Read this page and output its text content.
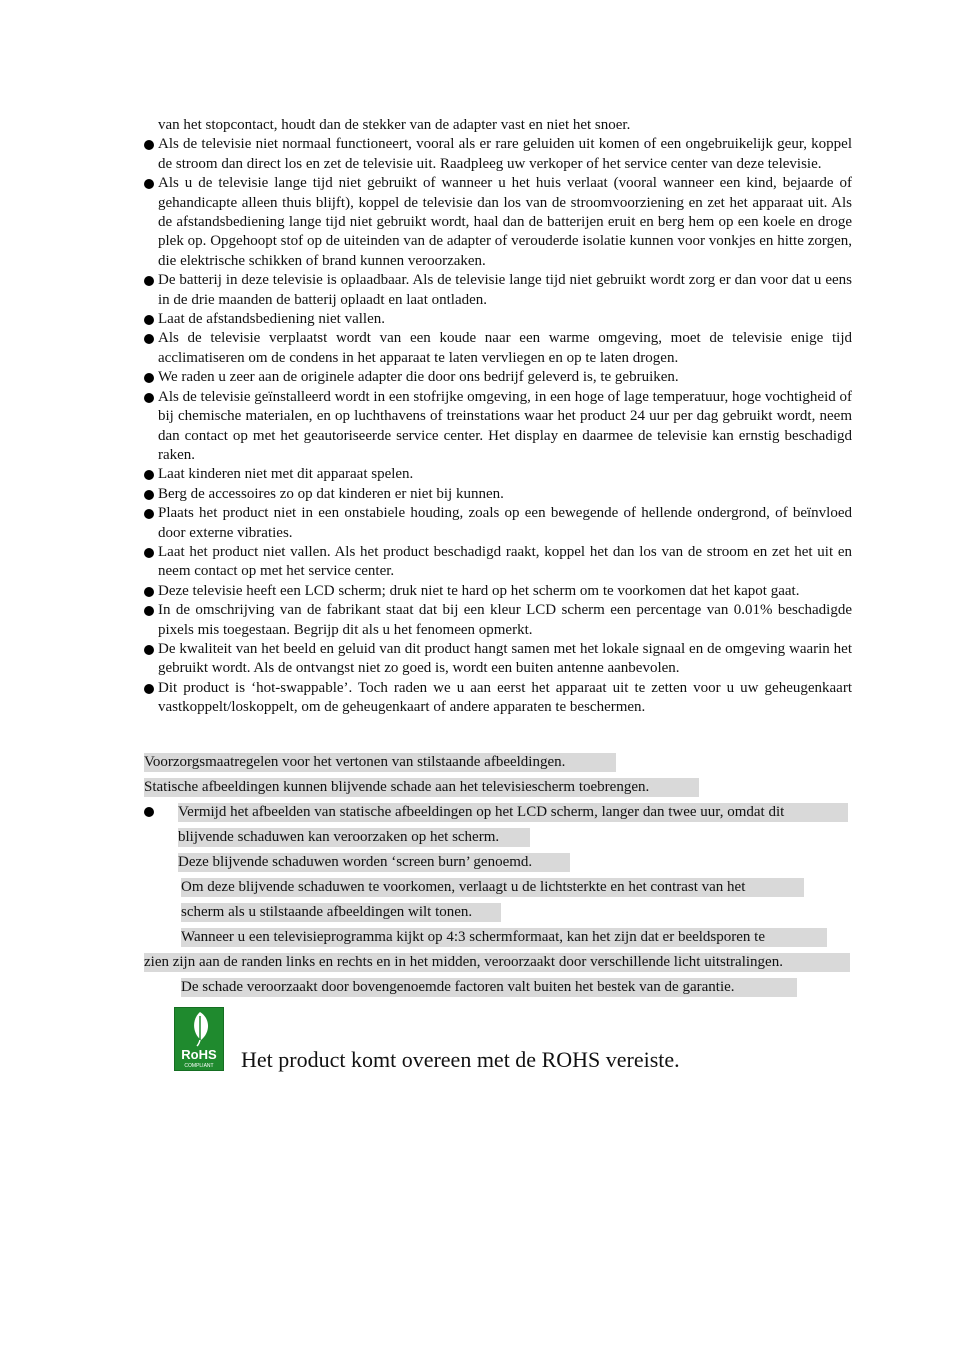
van het stopcontact, houdt dan de stekker van de adapter vast en niet het snoer.
Als de televisie niet normaal functioneert, vooral als er rare geluiden uit komen of een ongebruikelijk geur, koppel de stroom dan direct los en zet de televisie uit. Raadpleeg uw verkoper of het service center van deze televisie.
Als u de televisie lange tijd niet gebruikt of wanneer u het huis verlaat (vooral wanneer een kind, bejaarde of gehandicapte alleen thuis blijft), koppel de televisie dan los van de stroomvoorziening en zet het apparaat uit. Als de afstandsbediening lange tijd niet gebruikt wordt, haal dan de batterijen eruit en berg hem op een koele en droge plek op. Opgehoopt stof op de uiteinden van de adapter of verouderde isolatie kunnen voor vonkjes en hitte zorgen, die elektrische schikken of brand kunnen veroorzaken.
De batterij in deze televisie is oplaadbaar. Als de televisie lange tijd niet gebruikt wordt zorg er dan voor dat u eens in de drie maanden de batterij oplaadt en laat ontladen.
Laat de afstandsbediening niet vallen.
Als de televisie verplaatst wordt van een koude naar een warme omgeving, moet de televisie enige tijd acclimatiseren om de condens in het apparaat te laten vervliegen en op te laten drogen.
We raden u zeer aan de originele adapter die door ons bedrijf geleverd is, te gebruiken.
Als de televisie geïnstalleerd wordt in een stofrijke omgeving, in een hoge of lage temperatuur, hoge vochtigheid of bij chemische materialen, en op luchthavens of treinstations waar het product 24 uur per dag gebruikt wordt, neem dan contact op met het geautoriseerde service center. Het display en daarmee de televisie kan ernstig beschadigd raken.
Laat kinderen niet met dit apparaat spelen.
Berg de accessoires zo op dat kinderen er niet bij kunnen.
Plaats het product niet in een onstabiele houding, zoals op een bewegende of hellende ondergrond, of beïnvloed door externe vibraties.
Laat het product niet vallen. Als het product beschadigd raakt, koppel het dan los van de stroom en zet het uit en neem contact op met het service center.
Deze televisie heeft een LCD scherm; druk niet te hard op het scherm om te voorkomen dat het kapot gaat.
In de omschrijving van de fabrikant staat dat bij een kleur LCD scherm een percentage van 0.01% beschadigde pixels mis toegestaan. Begrijp dit als u het fenomeen opmerkt.
De kwaliteit van het beeld en geluid van dit product hangt samen met het lokale signaal en de omgeving waarin het gebruikt wordt. Als de ontvangst niet zo goed is, wordt een buiten antenne aanbevolen.
Dit product is ‘hot-swappable’. Toch raden we u aan eerst het apparaat uit te zetten voor u uw geheugenkaart vastkoppelt/loskoppelt, om de geheugenkaart of andere apparaten te beschermen.
Voorzorgsmaatregelen voor het vertonen van stilstaande afbeeldingen.
Statische afbeeldingen kunnen blijvende schade aan het televisiescherm toebrengen.
Vermijd het afbeelden van statische afbeeldingen op het LCD scherm, langer dan twee uur, omdat dit
blijvende schaduwen kan veroorzaken op het scherm.
Deze blijvende schaduwen worden ‘screen burn’ genoemd.
Om deze blijvende schaduwen te voorkomen, verlaagt u de lichtsterkte en het contrast van het
scherm als u stilstaande afbeeldingen wilt tonen.
Wanneer u een televisieprogramma kijkt op 4:3 schermformaat, kan het zijn dat er beeldsporen te
zien zijn aan de randen links en rechts en in het midden, veroorzaakt door verschillende licht uitstralingen.
De schade veroorzaakt door bovengenoemde factoren valt buiten het bestek van de garantie.
RoHS
COMPLIANT Het product komt overeen met de ROHS vereiste.
